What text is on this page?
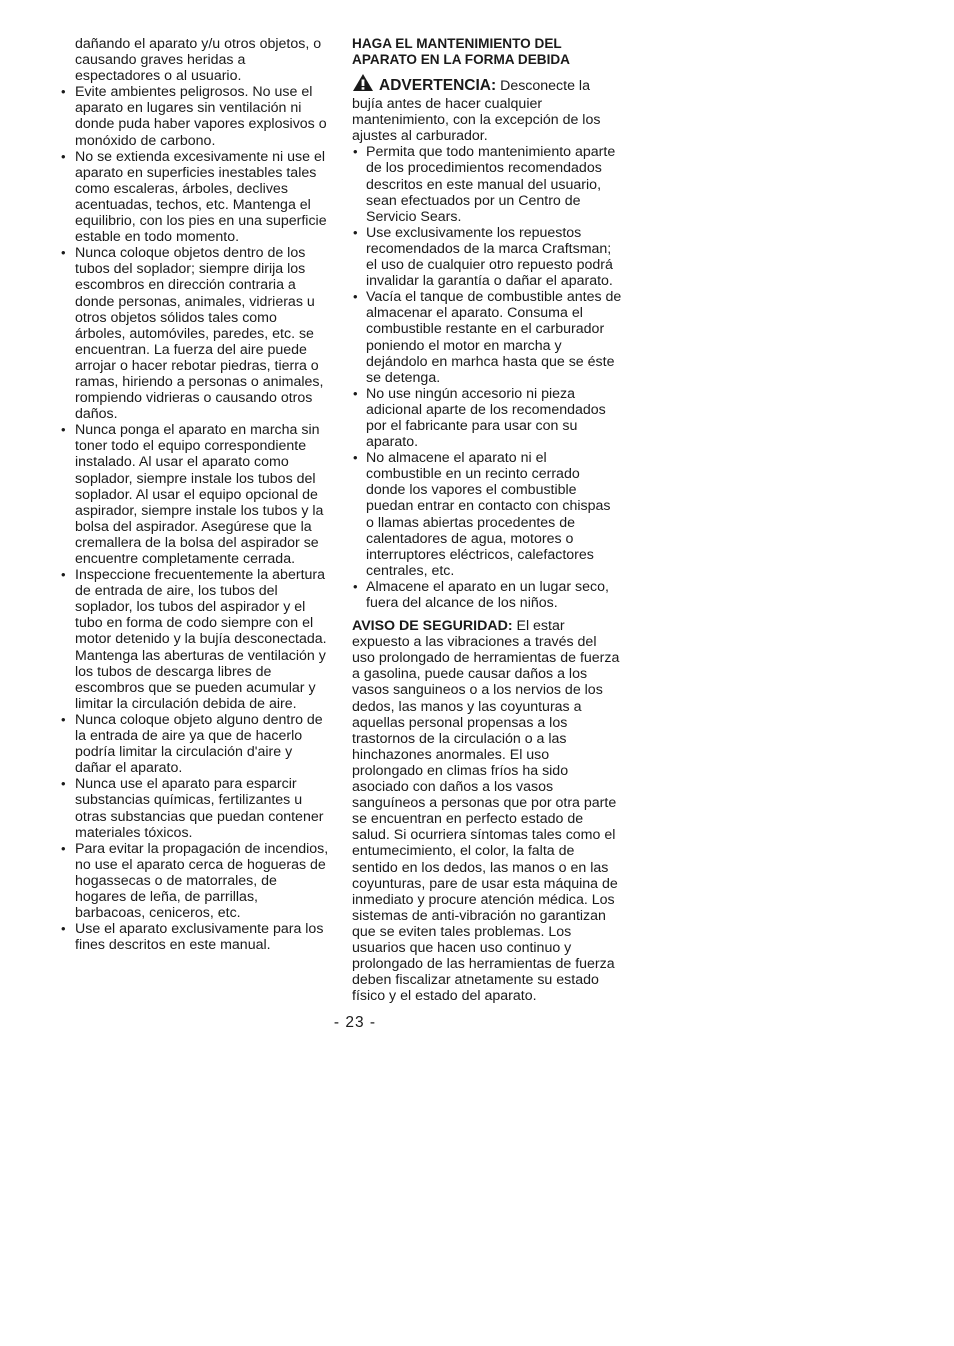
dañando el aparato y/u otros objetos, o causando graves heridas a espectadores o al usuario.

• Evite ambientes peligrosos. No use el aparato en lugares sin ventilación ni donde puda haber vapores explosivos o monóxido de carbono.
• No se extienda excesivamente ni use el aparato en superficies inestables tales como escaleras, árboles, declives acentuadas, techos, etc. Mantenga el equilibrio, con los pies en una superficie estable en todo momento.
• Nunca coloque objetos dentro de los tubos del soplador; siempre dirija los escombros en dirección contraria a donde personas, animales, vidrieras u otros objetos sólidos tales como árboles, automóviles, paredes, etc. se encuentran. La fuerza del aire puede arrojar o hacer rebotar piedras, tierra o ramas, hiriendo a personas o animales, rompiendo vidrieras o causando otros daños.
• Nunca ponga el aparato en marcha sin toner todo el equipo correspondiente instalado. Al usar el aparato como soplador, siempre instale los tubos del soplador. Al usar el equipo opcional de aspirador, siempre instale los tubos y la bolsa del aspirador. Asegúrese que la cremallera de la bolsa del aspirador se encuentre completamente cerrada.
• Inspeccione frecuentemente la abertura de entrada de aire, los tubos del soplador, los tubos del aspirador y el tubo en forma de codo siempre con el motor detenido y la bujía desconectada. Mantenga las aberturas de ventilación y los tubos de descarga libres de escombros que se pueden acumular y limitar la circulación debida de aire.
• Nunca coloque objeto alguno dentro de la entrada de aire ya que de hacerlo podría limitar la circulación d'aire y dañar el aparato.
• Nunca use el aparato para esparcir substancias químicas, fertilizantes u otras substancias que puedan contener materiales tóxicos.
• Para evitar la propagación de incendios, no use el aparato cerca de hogueras de hogassecas o de matorrales, de hogares de leña, de parrillas, barbacoas, ceniceros, etc.
• Use el aparato exclusivamente para los fines descritos en este manual.

HAGA EL MANTENIMIENTO DEL APARATO EN LA FORMA DEBIDA

ADVERTENCIA: Desconecte la bujía antes de hacer cualquier mantenimiento, con la excepción de los ajustes al carburador.

• Permita que todo mantenimiento aparte de los procedimientos recomendados descritos en este manual del usuario, sean efectuados por un Centro de Servicio Sears.
• Use exclusivamente los repuestos recomendados de la marca Craftsman; el uso de cualquier otro repuesto podrá invalidar la garantía o dañar el aparato.
• Vacía el tanque de combustible antes de almacenar el aparato. Consuma el combustible restante en el carburador poniendo el motor en marcha y dejándolo en marhca hasta que se éste se detenga.
• No use ningún accesorio ni pieza adicional aparte de los recomendados por el fabricante para usar con su aparato.
• No almacene el aparato ni el combustible en un recinto cerrado donde los vapores el combustible puedan entrar en contacto con chispas o llamas abiertas procedentes de calentadores de agua, motores o interruptores eléctricos, calefactores centrales, etc.
• Almacene el aparato en un lugar seco, fuera del alcance de los niños.

AVISO DE SEGURIDAD: El estar expuesto a las vibraciones a través del uso prolongado de herramientas de fuerza a gasolina, puede causar daños a los vasos sanguineos o a los nervios de los dedos, las manos y las coyunturas a aquellas personal propensas a los trastornos de la circulación o a las hinchazones anormales. El uso prolongado en climas fríos ha sido asociado con daños a los vasos sanguíneos a personas que por otra parte se encuentran en perfecto estado de salud. Si ocurriera síntomas tales como el entumecimiento, el color, la falta de sentido en los dedos, las manos o en las coyunturas, pare de usar esta máquina de inmediato y procure atención médica. Los sistemas de anti-vibración no garantizan que se eviten tales problemas. Los usuarios que hacen uso continuo y prolongado de las herramientas de fuerza deben fiscalizar atnetamente su estado físico y el estado del aparato.

- 23 -
